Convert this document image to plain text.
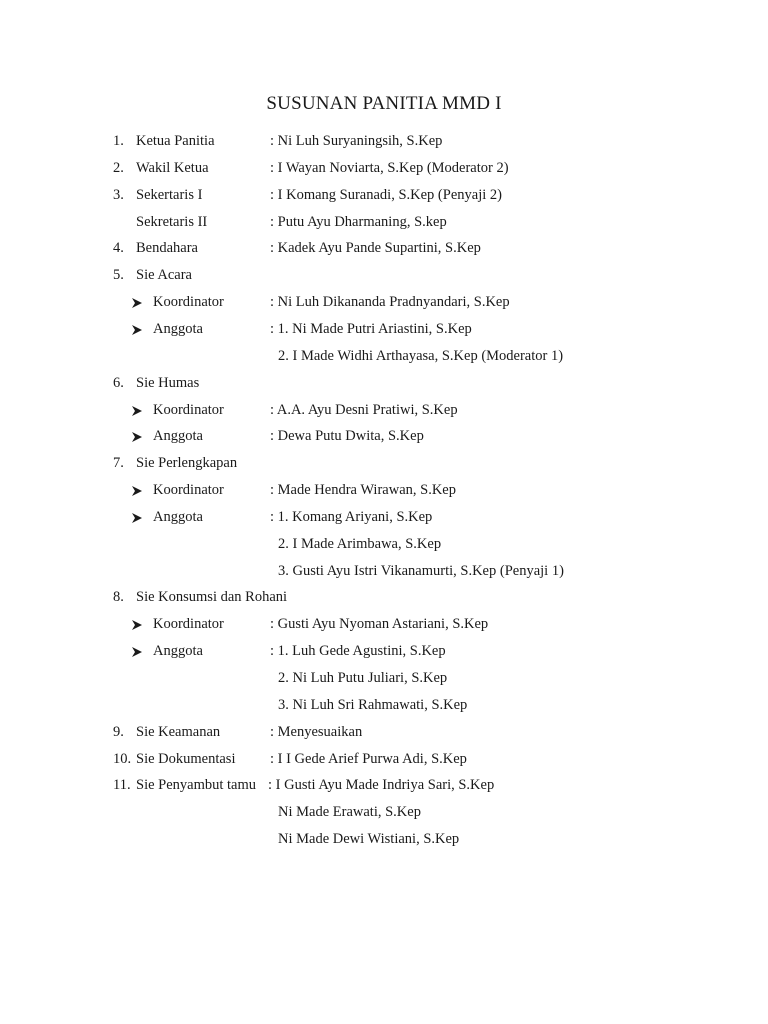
SUSUNAN PANITIA MMD I
1. Ketua Panitia	: Ni Luh Suryaningsih, S.Kep
2. Wakil Ketua	: I Wayan Noviarta, S.Kep (Moderator 2)
3. Sekertaris I	: I Komang Suranadi, S.Kep (Penyaji 2)
Sekretaris II	: Putu Ayu Dharmaning, S.kep
4. Bendahara	: Kadek Ayu Pande Supartini, S.Kep
5. Sie Acara
Koordinator	: Ni Luh Dikananda Pradnyandari, S.Kep
Anggota	: 1. Ni Made Putri Ariastini, S.Kep
2. I Made Widhi Arthayasa, S.Kep (Moderator 1)
6. Sie Humas
Koordinator	: A.A. Ayu Desni Pratiwi, S.Kep
Anggota	: Dewa Putu Dwita, S.Kep
7. Sie Perlengkapan
Koordinator	: Made Hendra Wirawan, S.Kep
Anggota	: 1. Komang Ariyani, S.Kep
2. I Made Arimbawa, S.Kep
3. Gusti Ayu Istri Vikanamurti, S.Kep (Penyaji 1)
8. Sie Konsumsi dan Rohani
Koordinator	: Gusti Ayu Nyoman Astariani, S.Kep
Anggota	: 1. Luh Gede Agustini, S.Kep
2. Ni Luh Putu Juliari, S.Kep
3. Ni Luh Sri Rahmawati, S.Kep
9. Sie Keamanan	: Menyesuaikan
10. Sie Dokumentasi : I I Gede Arief Purwa Adi, S.Kep
11. Sie Penyambut tamu : I Gusti Ayu Made Indriya Sari, S.Kep
Ni Made Erawati, S.Kep
Ni Made Dewi Wistiani, S.Kep
